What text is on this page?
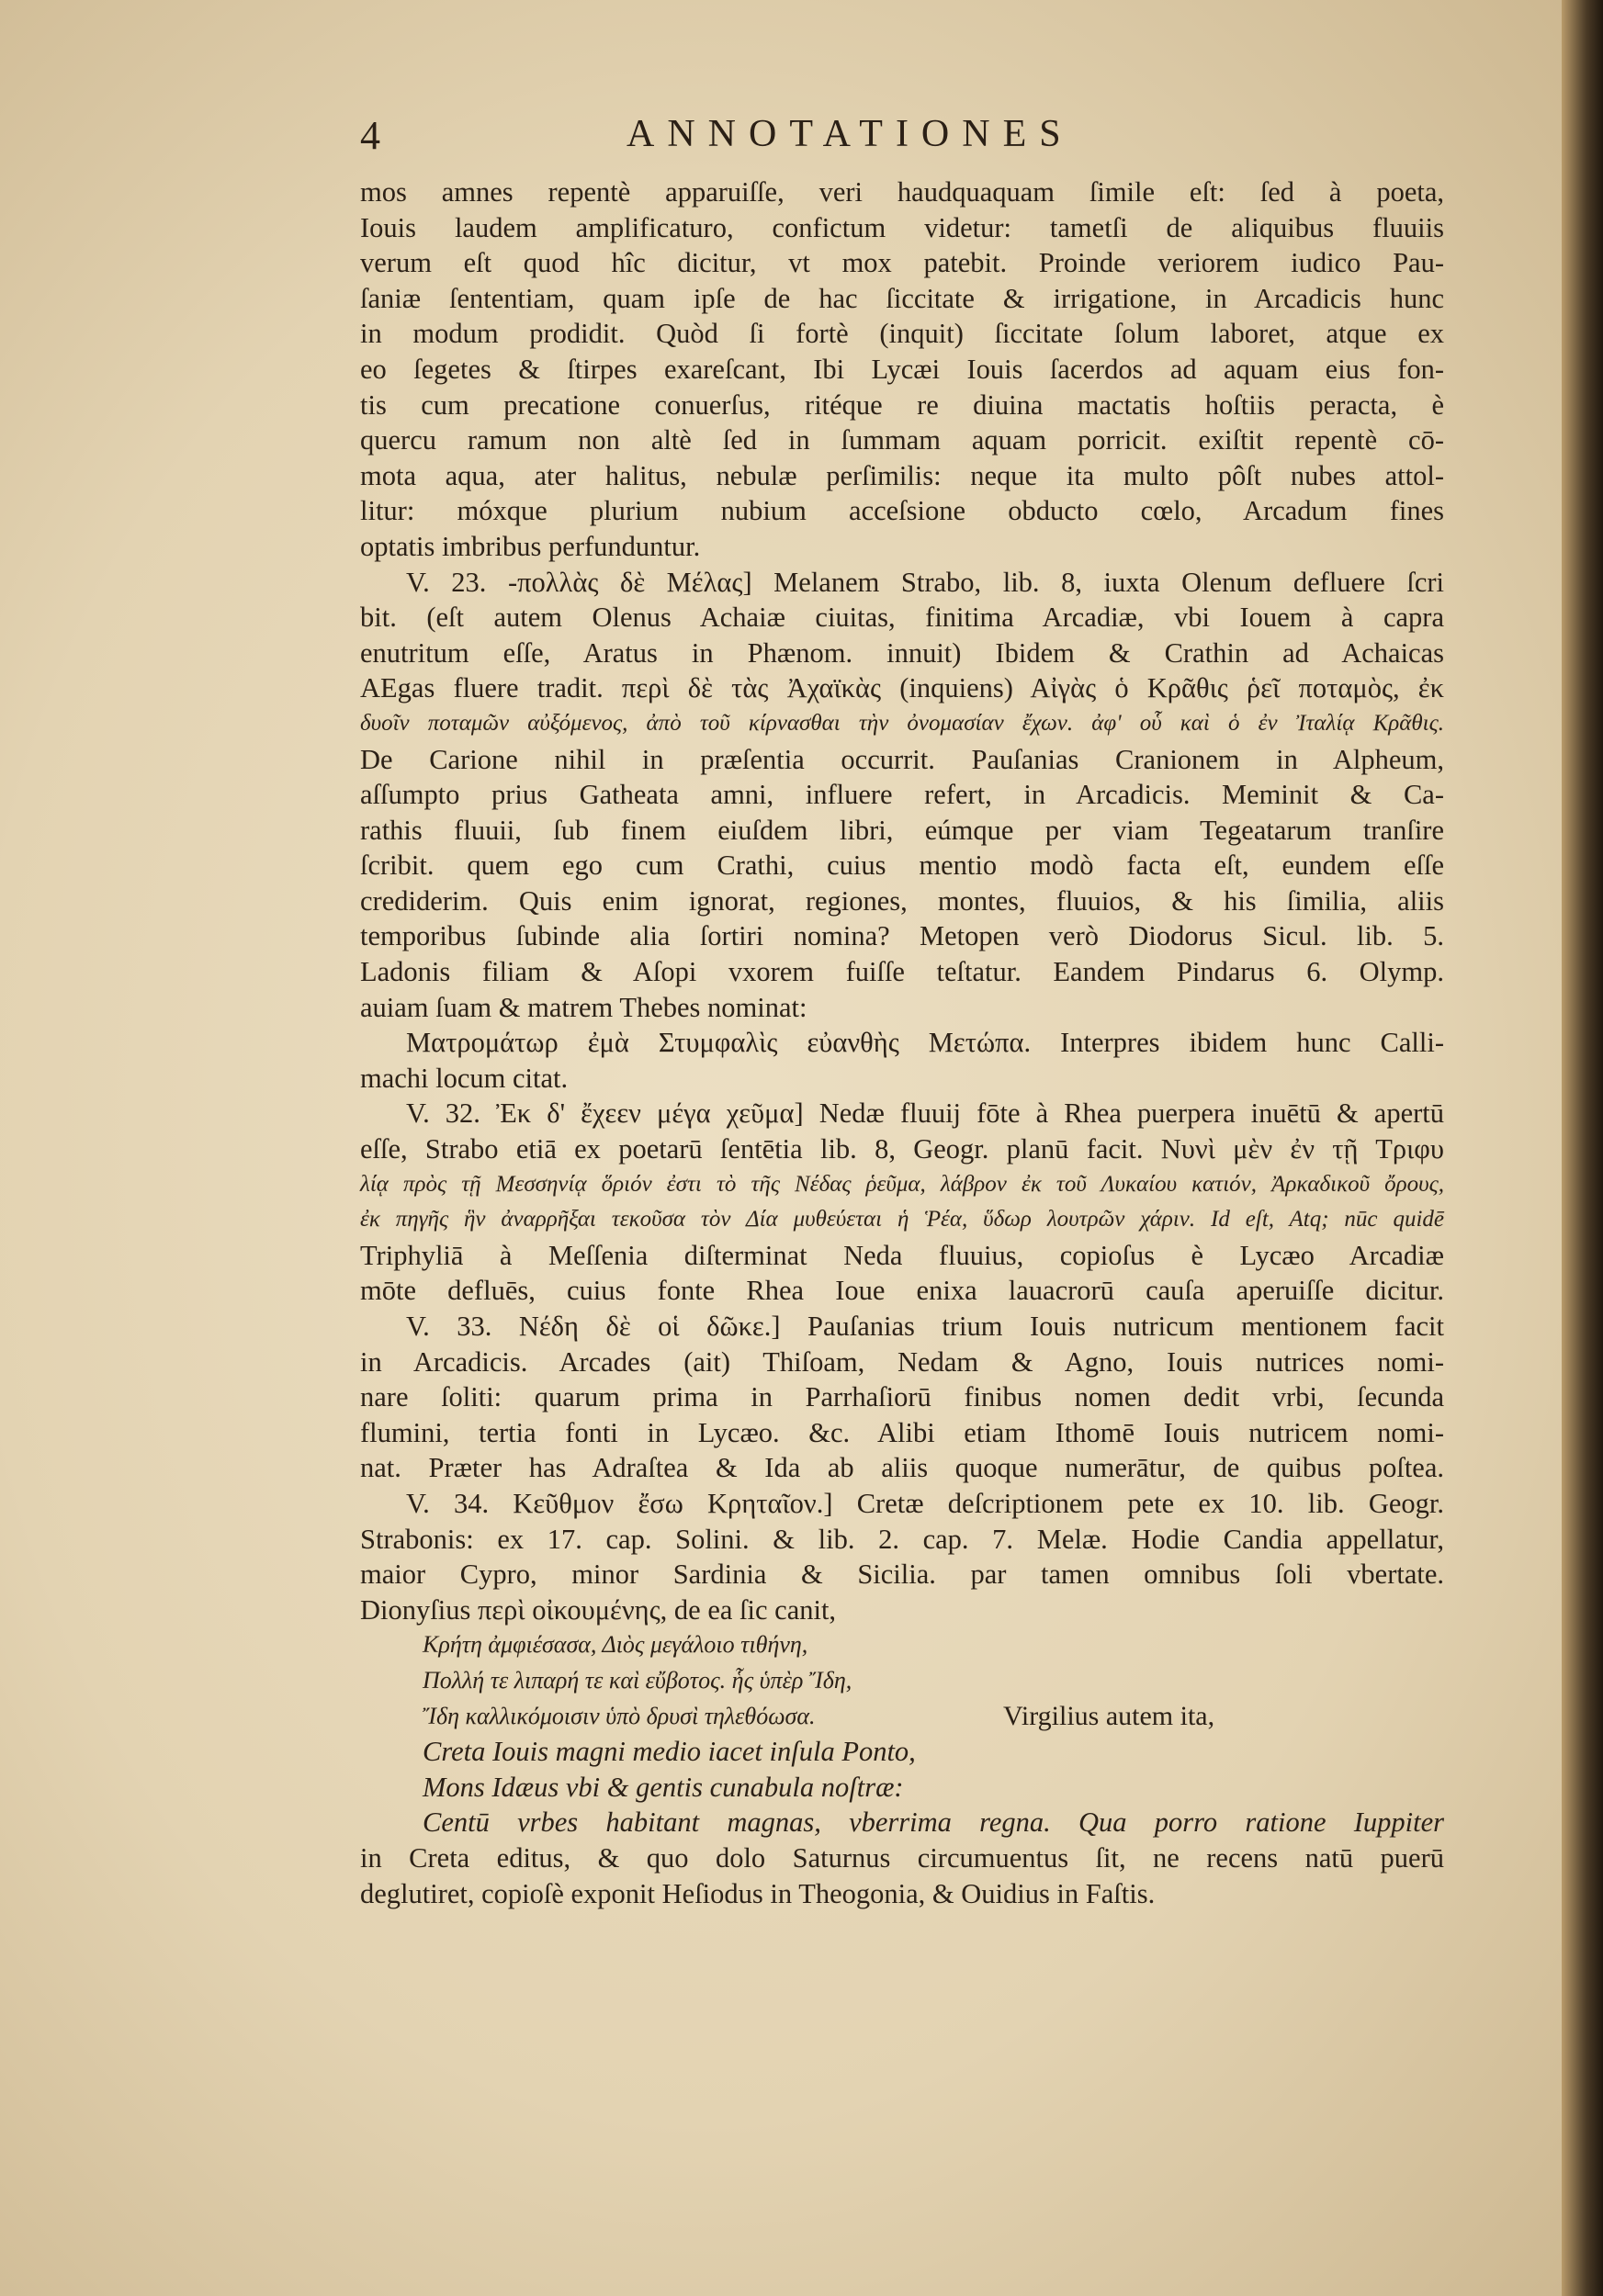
4	ANNOTATIONES
mos amnes repentè apparuiſſe, veri haudquaquam ſimile eſt: ſed à poeta,
Iouis laudem amplificaturo, confictum videtur: tametſi de aliquibus fluuiis
verum eſt quod hîc dicitur, vt mox patebit. Proinde veriorem iudico Pau-
ſaniæ ſententiam, quam ipſe de hac ſiccitate & irrigatione, in Arcadicis hunc
in modum prodidit. Quòd ſi fortè (inquit) ſiccitate ſolum laboret, atque ex
eo ſegetes & ſtirpes exareſcant, Ibi Lycæi Iouis ſacerdos ad aquam eius fon-
tis cum precatione conuerſus, ritéque re diuina mactatis hoſtiis peracta, è
quercu ramum non altè ſed in ſummam aquam porricit. exiſtit repentè cō-
mota aqua, ater halitus, nebulæ perſimilis: neque ita multo pôſt nubes attol-
litur: móxque plurium nubium acceſsione obducto cœlo, Arcadum fines
optatis imbribus perfunduntur.
V. 23. -πολλὰς δὲ Μέλας] Melanem Strabo, lib. 8, iuxta Olenum defluere ſcri
bit. (eſt autem Olenus Achaiæ ciuitas, finitima Arcadiæ, vbi Iouem à capra
enutritum eſſe, Aratus in Phænom. innuit) Ibidem & Crathin ad Achaicas
AEgas fluere tradit. περὶ δὲ τὰς Ἀχαϊκὰς (inquiens) Αἰγὰς ὁ Κρᾶθις ῥεῖ ποταμὸς, ἐκ
δυοῖν ποταμῶν αὐξόμενος, ἀπὸ τοῦ κίρνασθαι τὴν ὀνομασίαν ἔχων. ἀφ' οὗ καὶ ὁ ἐν Ἰταλίᾳ Κρᾶθις.
De Carione nihil in præſentia occurrit. Pauſanias Cranionem in Alpheum,
aſſumpto prius Gatheata amni, influere refert, in Arcadicis. Meminit & Ca-
rathis fluuii, ſub finem eiuſdem libri, eúmque per viam Tegeatarum tranſire
ſcribit. quem ego cum Crathi, cuius mentio modò facta eſt, eundem eſſe
crediderim. Quis enim ignorat, regiones, montes, fluuios, & his ſimilia, aliis
temporibus ſubinde alia ſortiri nomina? Metopen verò Diodorus Sicul. lib. 5.
Ladonis filiam & Aſopi vxorem fuiſſe teſtatur. Eandem Pindarus 6. Olymp.
auiam ſuam & matrem Thebes nominat:
Ματρομάτωρ ἐμὰ Στυμφαλὶς εὐανθὴς Μετώπα. Interpres ibidem hunc Calli-
machi locum citat.
V. 32. Ἐκ δ' ἔχεεν μέγα χεῦμα] Nedæ fluuij fōte à Rhea puerpera inuētū & apertū
eſſe, Strabo etiā ex poetarū ſentētia lib. 8, Geogr. planū facit. Νυνὶ μὲν ἐν τῇ Τριφυ
λίᾳ πρὸς τῇ Μεσσηνίᾳ ὅριόν ἐστι τὸ τῆς Νέδας ῥεῦμα, λάβρον ἐκ τοῦ Λυκαίου κατιόν, Ἀρκαδικοῦ ὄρους,
ἐκ πηγῆς ἣν ἀναρρῆξαι τεκοῦσα τὸν Δία μυθεύεται ἡ Ῥέα, ὕδωρ λουτρῶν χάριν. Id eſt, Atq; nūc quidē
Triphyliā à Meſſenia diſterminat Neda fluuius, copioſus è Lycæo Arcadiæ
mōte defluēs, cuius fonte Rhea Ioue enixa lauacrorū cauſa aperuiſſe dicitur.
V. 33. Νέδη δὲ οἱ δῶκε.] Pauſanias trium Iouis nutricum mentionem facit
in Arcadicis. Arcades (ait) Thiſoam, Nedam & Agno, Iouis nutrices nomi-
nare ſoliti: quarum prima in Parrhaſiorū finibus nomen dedit vrbi, ſecunda
flumini, tertia fonti in Lycæo. &c. Alibi etiam Ithomē Iouis nutricem nomi-
nat. Præter has Adraſtea & Ida ab aliis quoque numerātur, de quibus poſtea.
V. 34. Κεῦθμον ἔσω Κρηταῖον.] Cretæ deſcriptionem pete ex 10. lib. Geogr.
Strabonis: ex 17. cap. Solini. & lib. 2. cap. 7. Melæ. Hodie Candia appellatur,
maior Cypro, minor Sardinia & Sicilia. par tamen omnibus ſoli vbertate.
Dionyſius περὶ οἰκουμένης, de ea ſic canit,
Κρήτη ἀμφιέσασα, Διὸς μεγάλοιο τιθήνη,
Πολλή τε λιπαρή τε καὶ εὔβοτος. ἧς ὑπὲρ Ἴδη,
Ἴδη καλλικόμοισιν ὑπὸ δρυσὶ τηλεθόωσα.	Virgilius autem ita,
Creta Iouis magni medio iacet inſula Ponto,
Mons Idæus vbi & gentis cunabula noſtræ:
Centū vrbes habitant magnas, vberrima regna. Qua porro ratione Iuppiter
in Creta editus, & quo dolo Saturnus circumuentus ſit, ne recens natū puerū
deglutiret, copioſè exponit Heſiodus in Theogonia, & Ouidius in Faſtis.
